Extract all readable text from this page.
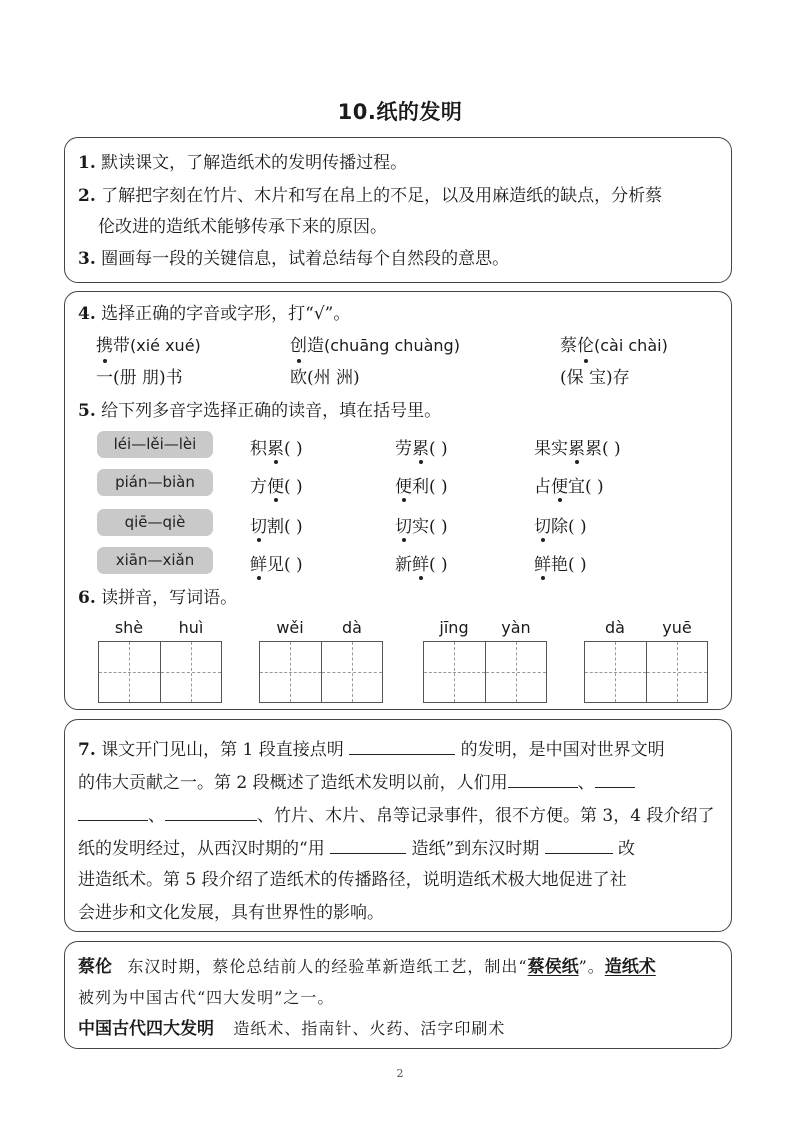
10.纸的发明
1. 默读课文，了解造纸术的发明传播过程。
2. 了解把字刻在竹片、木片和写在帛上的不足，以及用麻造纸的缺点，分析蔡
伦改进的造纸术能够传承下来的原因。
3. 圈画每一段的关键信息，试着总结每个自然段的意思。
4. 选择正确的字音或字形，打“√”。
携带(xié xué)	创造(chuāng chuàng)	蔡伦(cài chài)
一(册 朋)书	欧(州 洲)	(保 宝)存
5. 给下列多音字选择正确的读音，填在括号里。
léi—lěi—lèi	积累( )	劳累( )	果实累累( )
pián—biàn	方便( )	便利( )	占便宜( )
qiē—qiè	切割( )	切实( )	切除( )
xiān—xiǎn	鲜见( )	新鲜( )	鲜艳( )
6. 读拼音，写词语。
shè	huì	wěi	dà	jīng	yàn	dà	yuē
7. 课文开门见山，第 1 段直接点明	的发明，是中国对世界文明
的伟大贡献之一。第 2 段概述了造纸术发明以前，人们用	、
、	、竹片、木片、帛等记录事件，很不方便。第 3，4 段介绍了
纸的发明经过，从西汉时期的“用	造纸”到东汉时期	改
进造纸术。第 5 段介绍了造纸术的传播路径，说明造纸术极大地促进了社
会进步和文化发展，具有世界性的影响。
蔡伦 东汉时期，蔡伦总结前人的经验革新造纸工艺，制出“蔡侯纸”。造纸术
被列为中国古代“四大发明”之一。
中国古代四大发明 造纸术、指南针、火药、活字印刷术
2
